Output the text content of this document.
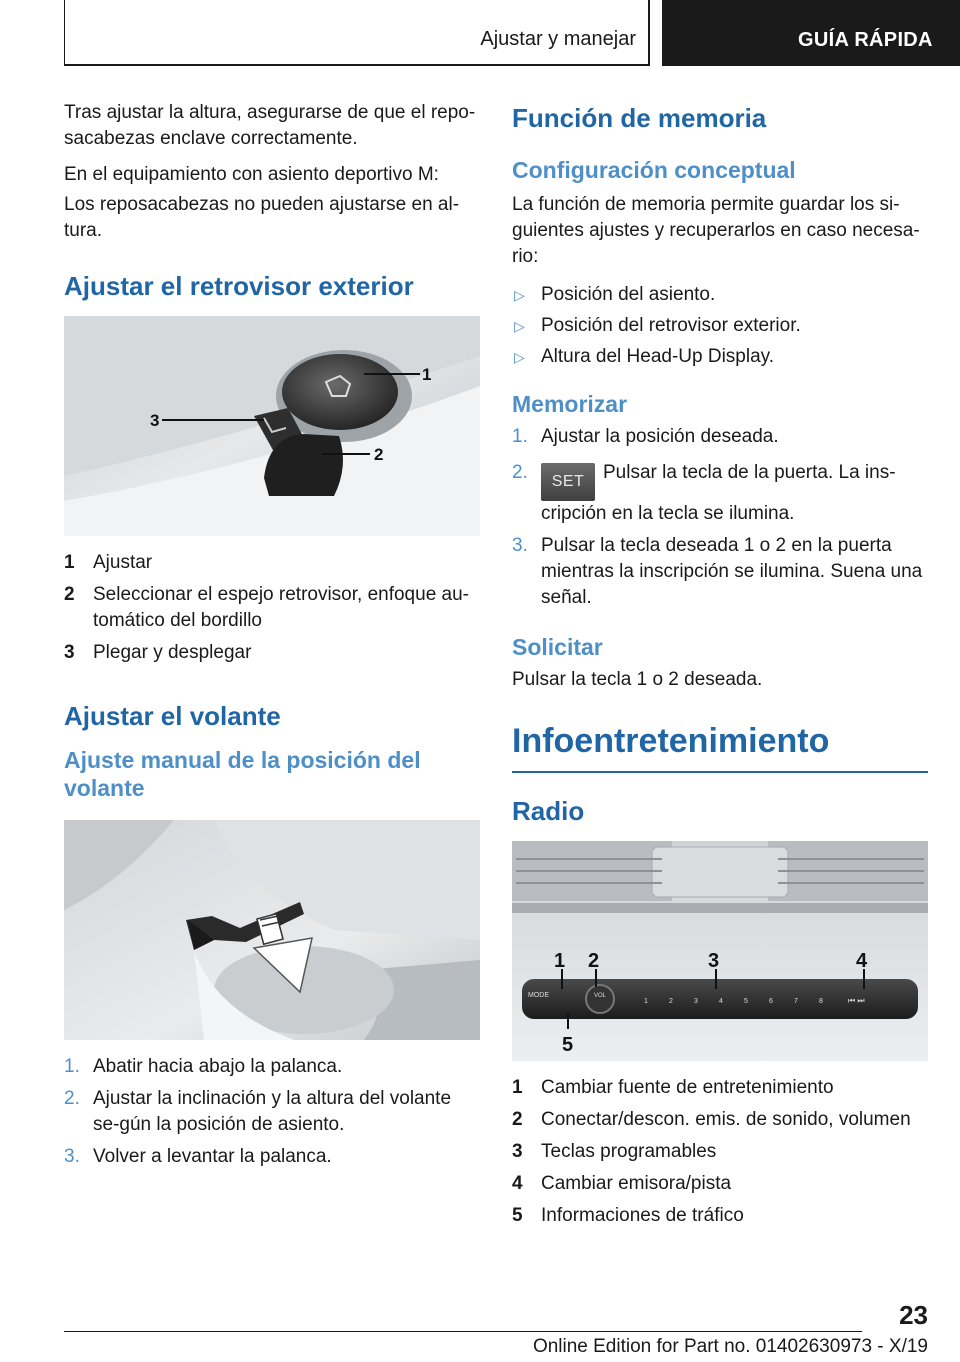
Ajustar y manejar	GUÍA RÁPIDA

Tras ajustar la altura, asegurarse de que el repo-sacabezas enclave correctamente.

En el equipamiento con asiento deportivo M:

Los reposacabezas no pueden ajustarse en al-tura.

Ajustar el retrovisor exterior
1
2
3
1 Ajustar
2 Seleccionar el espejo retrovisor, enfoque au-tomático del bordillo
3 Plegar y desplegar
Ajustar el volante
Ajuste manual de la posición del volante
1. Abatir hacia abajo la palanca.
2. Ajustar la inclinación y la altura del volante se-gún la posición de asiento.
3. Volver a levantar la palanca.
Función de memoria
Configuración conceptual

La función de memoria permite guardar los si-guientes ajustes y recuperarlos en caso necesa-rio:

▷ Posición del asiento.
▷ Posición del retrovisor exterior.
▷ Altura del Head-Up Display.
Memorizar
1. Ajustar la posición deseada.
2.	SET Pulsar la tecla de la puerta. La ins-cripción en la tecla se ilumina.
3. Pulsar la tecla deseada 1 o 2 en la puerta mientras la inscripción se ilumina. Suena una señal.
Solicitar

Pulsar la tecla 1 o 2 deseada.

Infoentretenimiento
Radio
MODE	VOL
1	2	3	4	5	6	7	8	⏮ ⏭
1 2	3	4
5
1 Cambiar fuente de entretenimiento
2 Conectar/descon. emis. de sonido, volumen
3 Teclas programables
4 Cambiar emisora/pista
5 Informaciones de tráfico
23
Online Edition for Part no. 01402630973 - X/19
